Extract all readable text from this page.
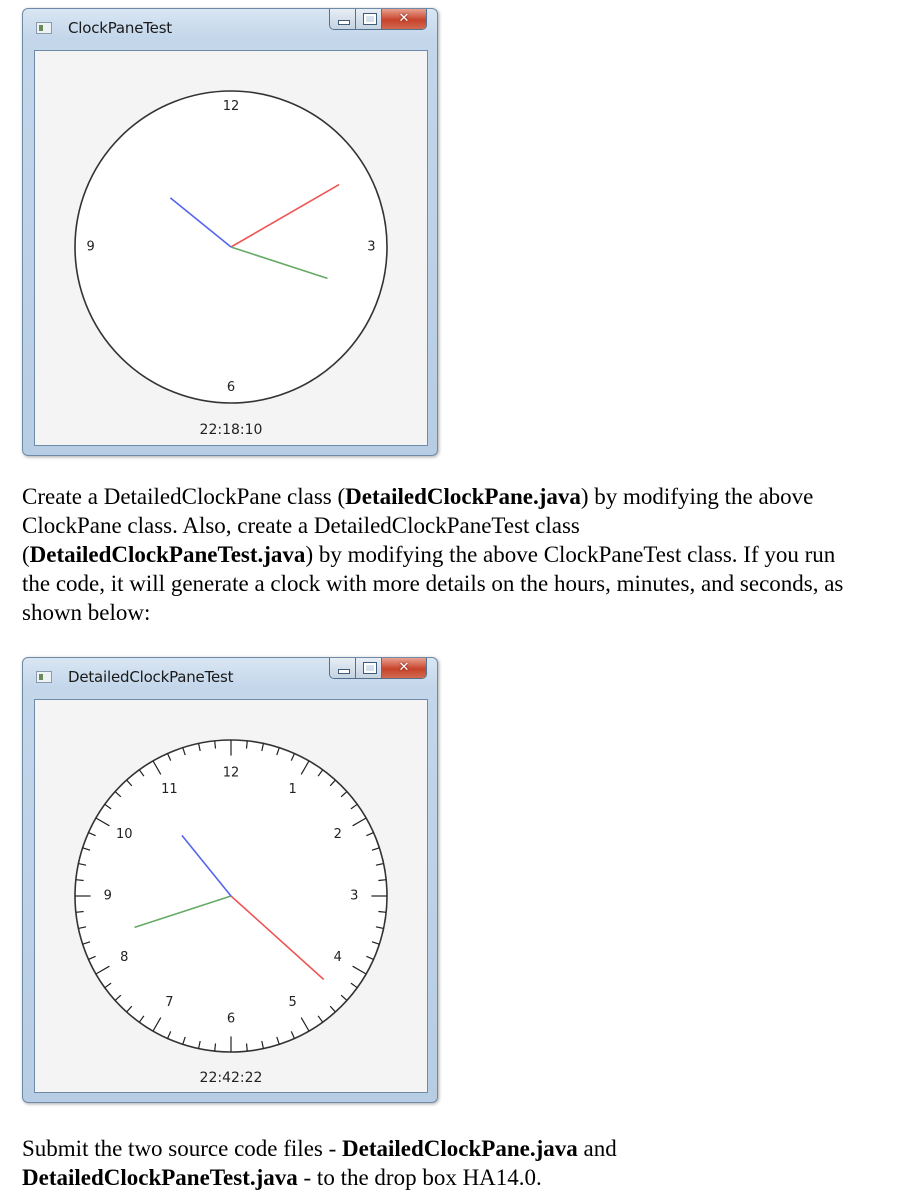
ClockPaneTest
✕
12
3
6
9
22:18:10

Create a DetailedClockPane class (DetailedClockPane.java) by modifying the above
ClockPane class. Also, create a DetailedClockPaneTest class
(DetailedClockPaneTest.java) by modifying the above ClockPaneTest class. If you run
the code, it will generate a clock with more details on the hours, minutes, and seconds, as
shown below:

DetailedClockPaneTest
✕
12
1
2
3
4
5
6
7
8
9
10
11
22:42:22

Submit the two source code files - DetailedClockPane.java and
DetailedClockPaneTest.java - to the drop box HA14.0.
